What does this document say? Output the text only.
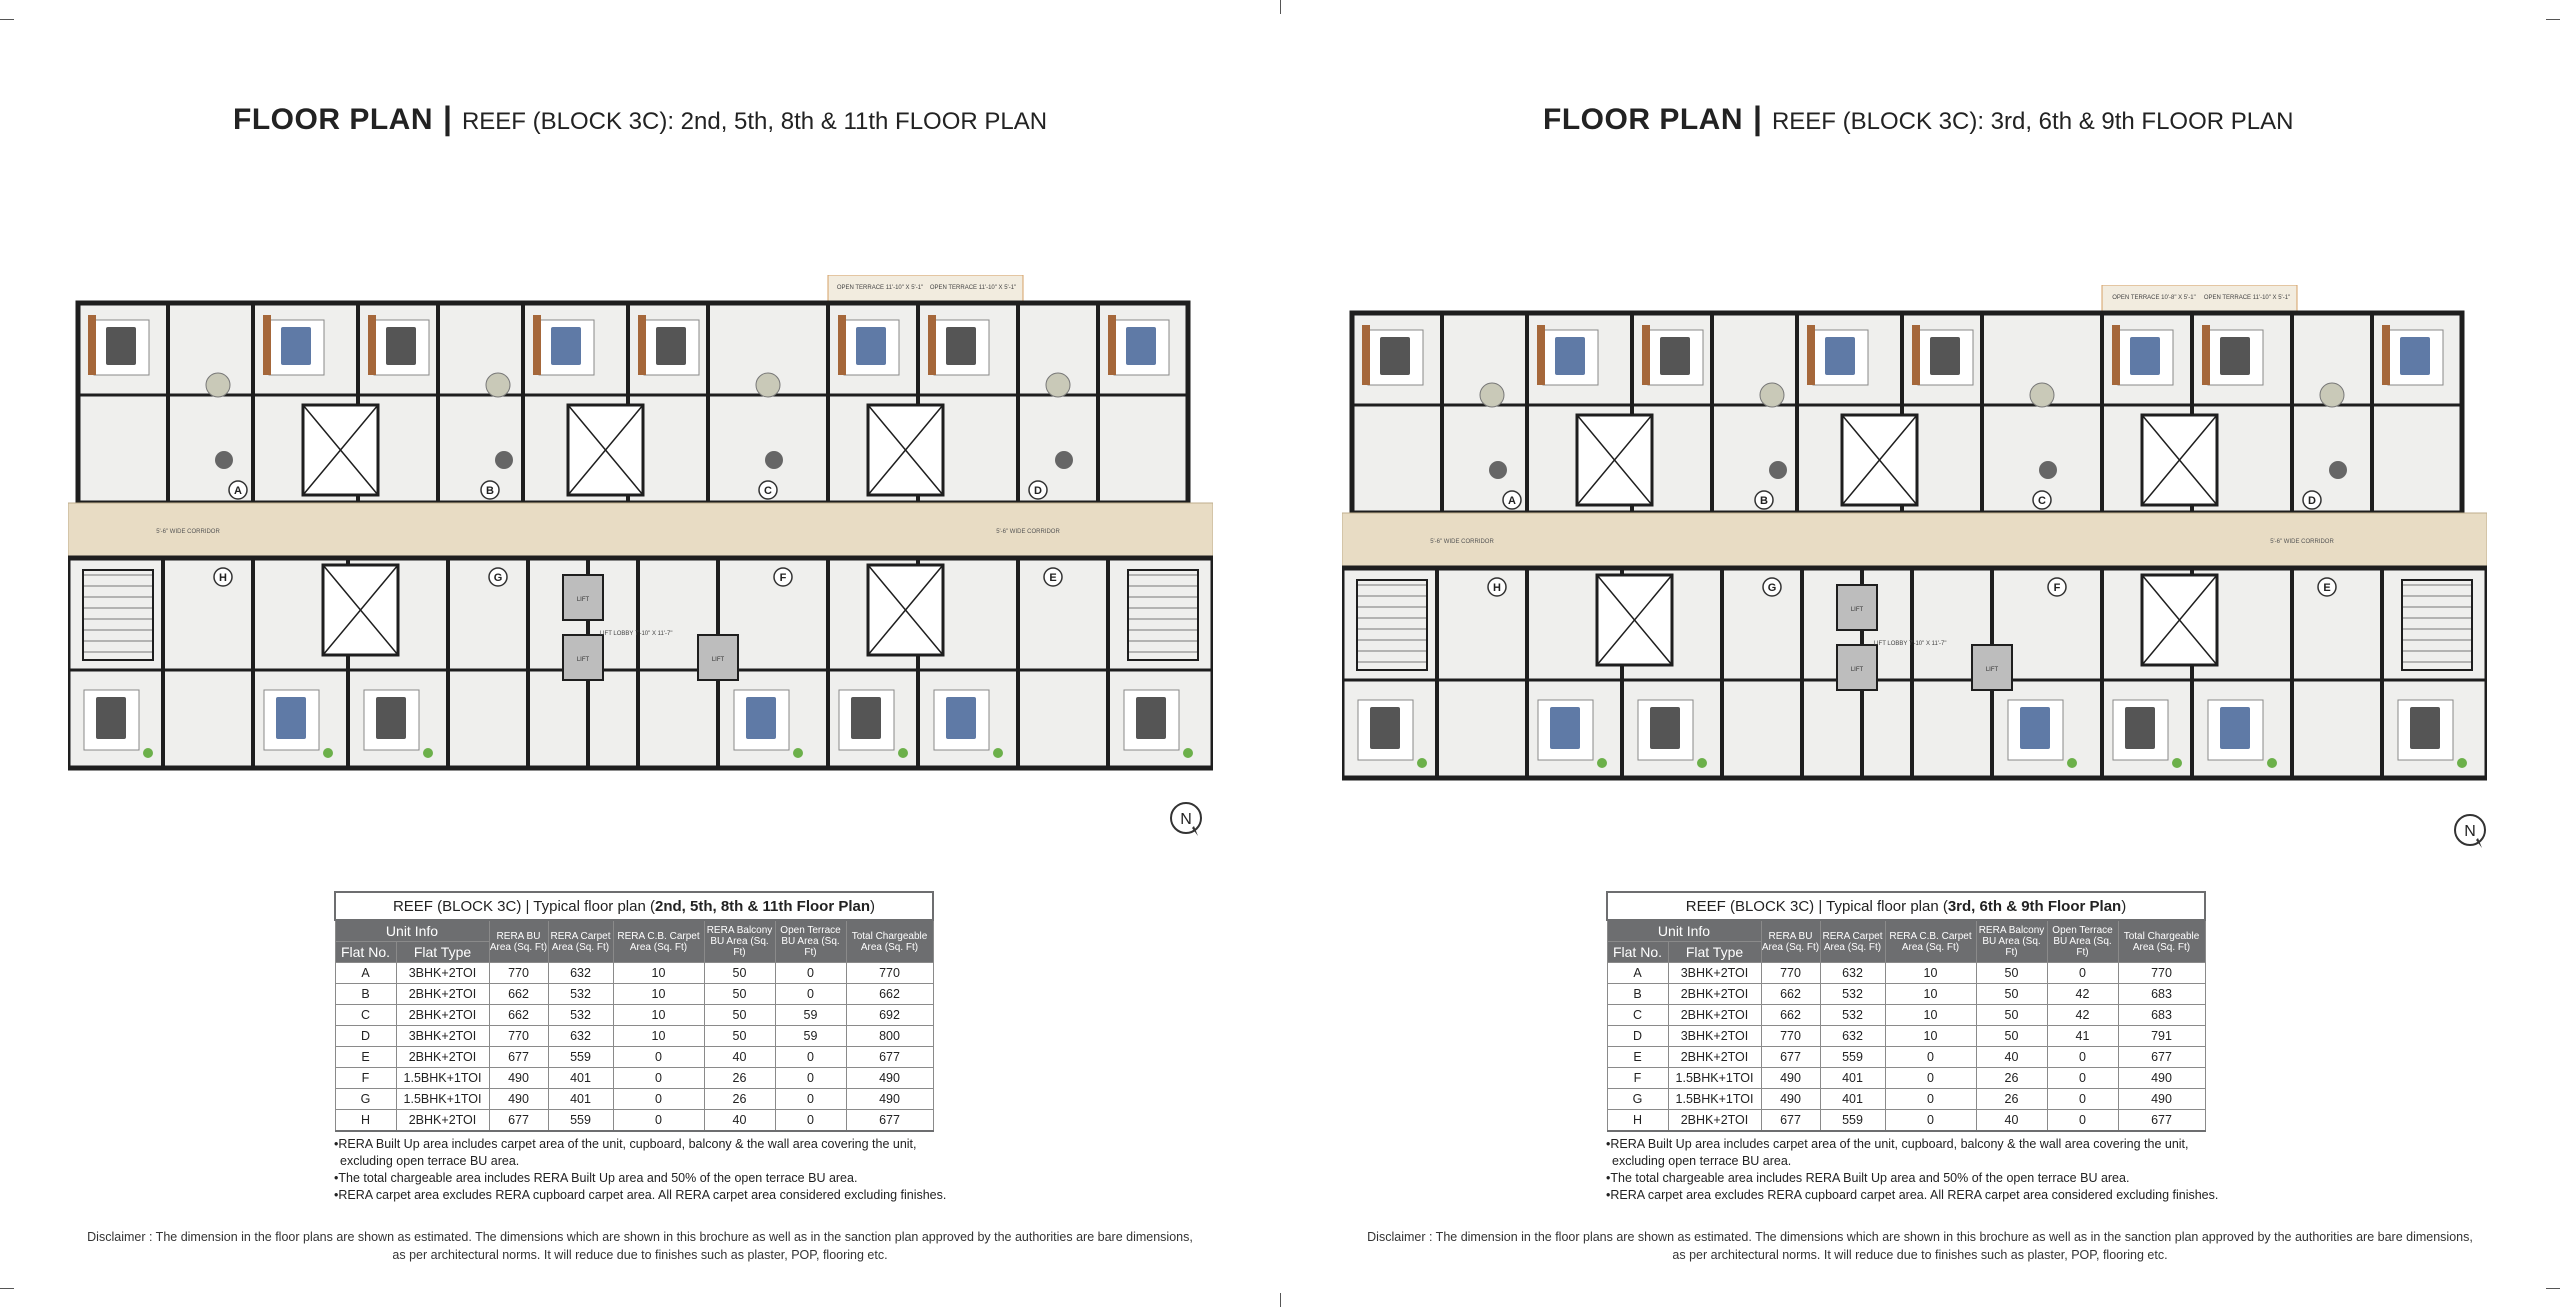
FLOOR PLAN | REEF (BLOCK 3C): 2nd, 5th, 8th & 11th FLOOR PLAN
OPEN TERRACE 11'-10" X 5'-1" OPEN TERRACE 11'-10" X 5'-1"
5'-6" WIDE CORRIDOR	5'-6" WIDE CORRIDOR
A	B	C	D
LIFT
LIFT	LIFT
LIFT LOBBY 7'-10" X 11'-7"
H	G	F	E
N
REEF (BLOCK 3C) | Typical floor plan (2nd, 5th, 8th & 11th Floor Plan)							
Unit Info		RERA BU Area (Sq. Ft)	RERA Carpet Area (Sq. Ft)	RERA C.B. Carpet Area (Sq. Ft)	RERA Balcony BU Area (Sq. Ft)	Open Terrace BU Area (Sq. Ft)	Total Chargeable Area (Sq. Ft)
Flat No.	Flat Type						
A	3BHK+2TOI	770	632	10	50	0	770
B	2BHK+2TOI	662	532	10	50	0	662
C	2BHK+2TOI	662	532	10	50	59	692
D	3BHK+2TOI	770	632	10	50	59	800
E	2BHK+2TOI	677	559	0	40	0	677
F	1.5BHK+1TOI	490	401	0	26	0	490
G	1.5BHK+1TOI	490	401	0	26	0	490
H	2BHK+2TOI	677	559	0	40	0	677
•RERA Built Up area includes carpet area of the unit, cupboard, balcony & the wall area covering the unit,
excluding open terrace BU area.
•The total chargeable area includes RERA Built Up area and 50% of the open terrace BU area.
•RERA carpet area excludes RERA cupboard carpet area. All RERA carpet area considered excluding finishes.
Disclaimer : The dimension in the floor plans are shown as estimated. The dimensions which are shown in this brochure as well as in the sanction plan approved by the authorities are bare dimensions,
as per architectural norms. It will reduce due to finishes such as plaster, POP, flooring etc.
FLOOR PLAN | REEF (BLOCK 3C): 3rd, 6th & 9th FLOOR PLAN
OPEN TERRACE 10'-8" X 5'-1" OPEN TERRACE 11'-10" X 5'-1"
5'-6" WIDE CORRIDOR	5'-6" WIDE CORRIDOR
A	B	C	D
LIFT
LIFT	LIFT
LIFT LOBBY 7'-10" X 11'-7"
H	G	F	E
N
REEF (BLOCK 3C) | Typical floor plan (3rd, 6th & 9th Floor Plan)							
Unit Info		RERA BU Area (Sq. Ft)	RERA Carpet Area (Sq. Ft)	RERA C.B. Carpet Area (Sq. Ft)	RERA Balcony BU Area (Sq. Ft)	Open Terrace BU Area (Sq. Ft)	Total Chargeable Area (Sq. Ft)
Flat No.	Flat Type						
A	3BHK+2TOI	770	632	10	50	0	770
B	2BHK+2TOI	662	532	10	50	42	683
C	2BHK+2TOI	662	532	10	50	42	683
D	3BHK+2TOI	770	632	10	50	41	791
E	2BHK+2TOI	677	559	0	40	0	677
F	1.5BHK+1TOI	490	401	0	26	0	490
G	1.5BHK+1TOI	490	401	0	26	0	490
H	2BHK+2TOI	677	559	0	40	0	677
•RERA Built Up area includes carpet area of the unit, cupboard, balcony & the wall area covering the unit,
excluding open terrace BU area.
•The total chargeable area includes RERA Built Up area and 50% of the open terrace BU area.
•RERA carpet area excludes RERA cupboard carpet area. All RERA carpet area considered excluding finishes.
Disclaimer : The dimension in the floor plans are shown as estimated. The dimensions which are shown in this brochure as well as in the sanction plan approved by the authorities are bare dimensions,
as per architectural norms. It will reduce due to finishes such as plaster, POP, flooring etc.
